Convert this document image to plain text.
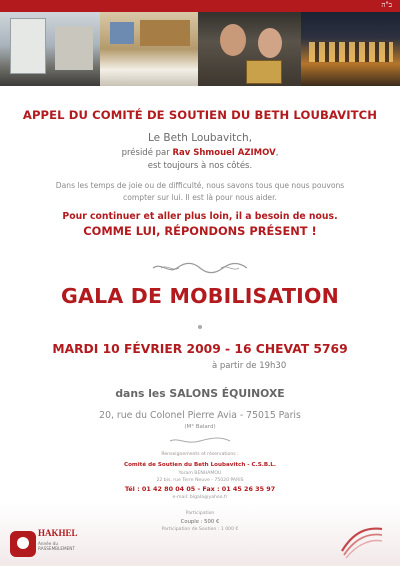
ב"ה
APPEL DU COMITÉ DE SOUTIEN DU BETH LOUBAVITCH
Le Beth Loubavitch,
présidé par Rav Shmouel AZIMOV,
est toujours à nos côtés.
Dans les temps de joie ou de difficulté, nous savons tous que nous pouvons compter sur lui. Il est là pour nous aider.
Pour continuer et aller plus loin, il a besoin de nous.
COMME LUI, RÉPONDONS PRÉSENT !
GALA DE MOBILISATION
MARDI 10 FÉVRIER 2009 - 16 CHEVAT 5769
à partir de 19h30
dans les SALONS ÉQUINOXE
20, rue du Colonel Pierre Avia - 75015 Paris
(M° Balard)
Renseignements et réservations :
Comité de Soutien du Beth Loubavitch - C.S.B.L.
Yoram BENHAMOU
22 bis, rue Terre Neuve - 75020 PARIS
Tél : 01 42 80 04 05 - Fax : 01 45 26 35 97
e-mail: blgala@yahoo.fr
Participation
Couple : 500 €
Participation de Soutien : 1 000 €
HAKHEL
Année du RASSEMBLEMENT
